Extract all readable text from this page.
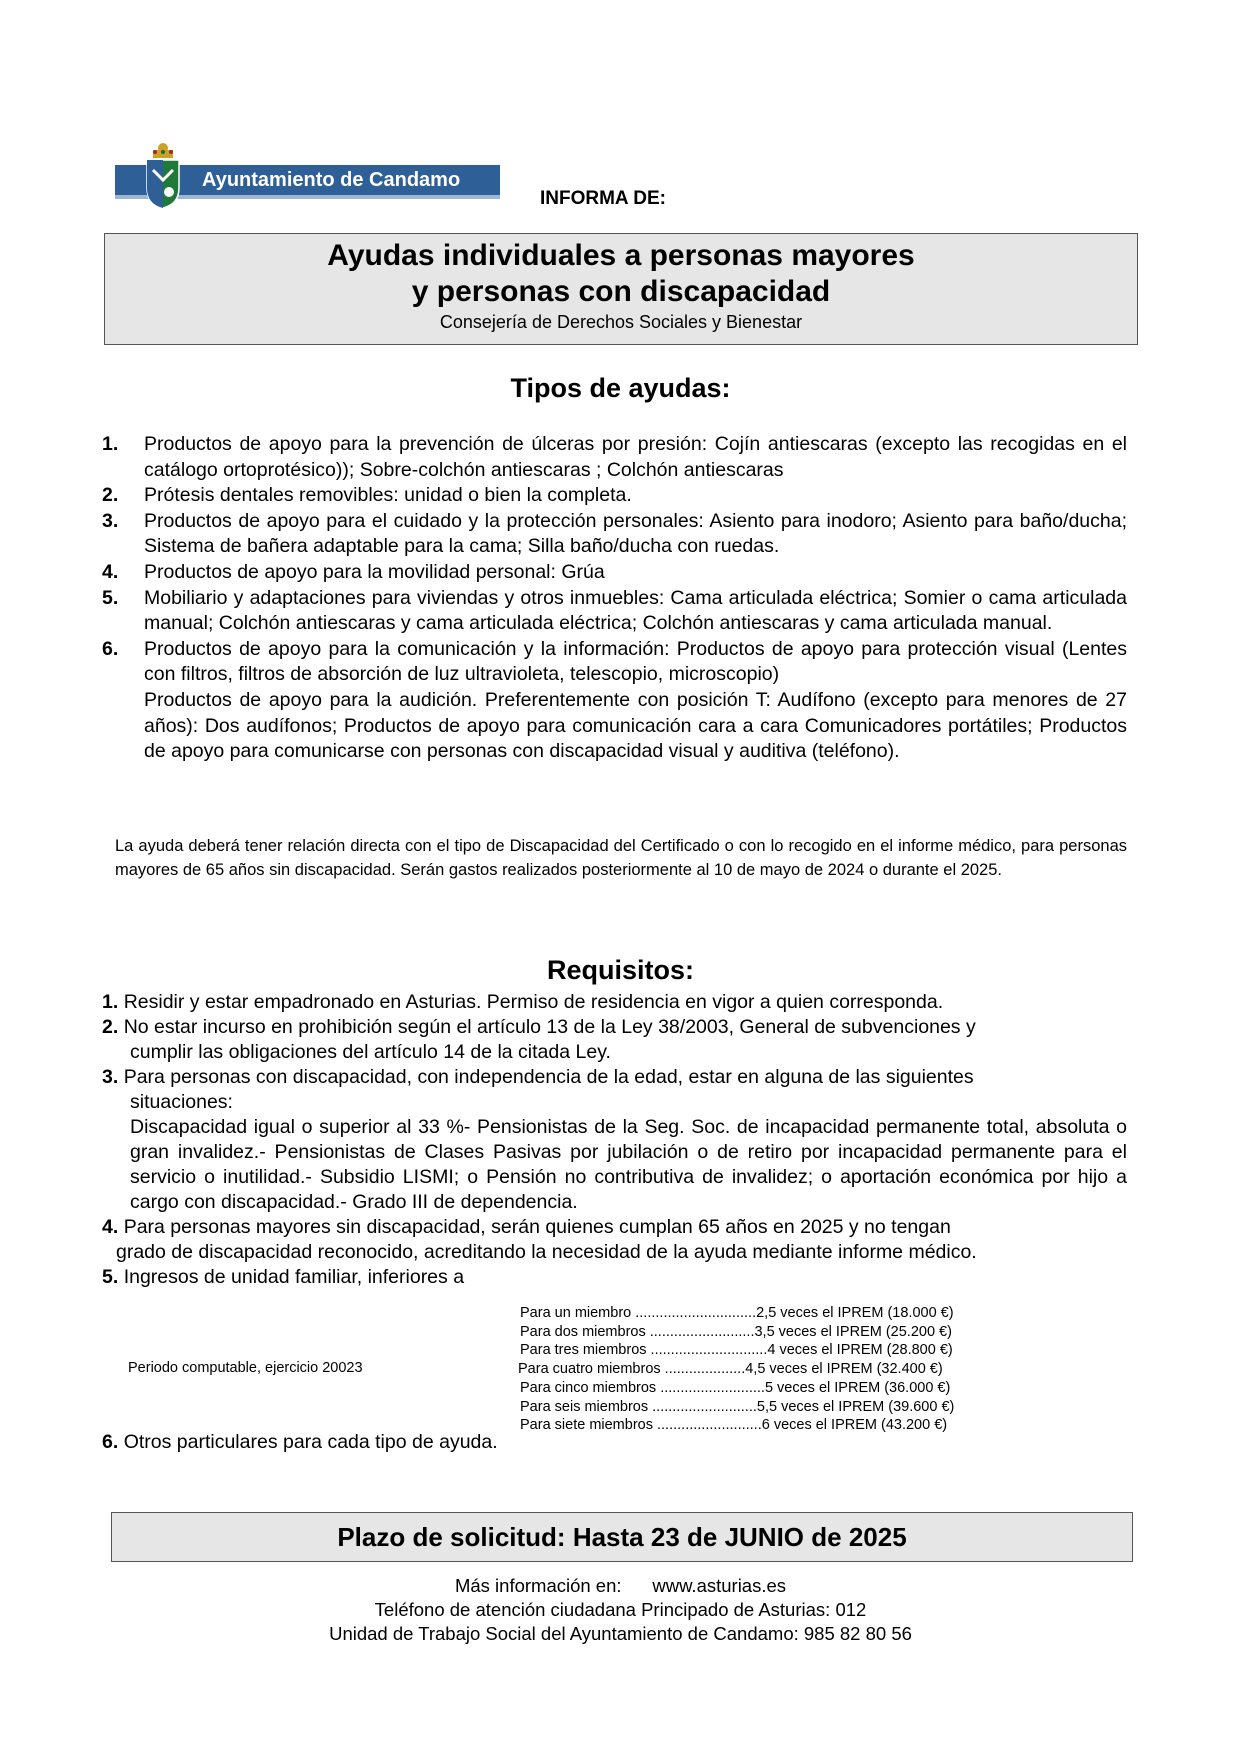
Ayuntamiento de Candamo
INFORMA DE:
Ayudas individuales a personas mayores
y personas con discapacidad
Consejería de Derechos Sociales y Bienestar
Tipos de ayudas:
1. Productos de apoyo para la prevención de úlceras por presión: Cojín antiescaras (excepto las recogidas en el catálogo ortoprotésico)); Sobre-colchón antiescaras ; Colchón antiescaras
2. Prótesis dentales removibles: unidad o bien la completa.
3. Productos de apoyo para el cuidado y la protección personales: Asiento para inodoro; Asiento para baño/ducha; Sistema de bañera adaptable para la cama; Silla baño/ducha con ruedas.
4. Productos de apoyo para la movilidad personal: Grúa
5. Mobiliario y adaptaciones para viviendas y otros inmuebles: Cama articulada eléctrica; Somier o cama articulada manual; Colchón antiescaras y cama articulada eléctrica; Colchón antiescaras y cama articulada manual.
6. Productos de apoyo para la comunicación y la información: Productos de apoyo para protección visual (Lentes con filtros, filtros de absorción de luz ultravioleta, telescopio, microscopio)
Productos de apoyo para la audición. Preferentemente con posición T: Audífono (excepto para menores de 27 años): Dos audífonos; Productos de apoyo para comunicación cara a cara Comunicadores portátiles; Productos de apoyo para comunicarse con personas con discapacidad visual y auditiva (teléfono).
La ayuda deberá tener relación directa con el tipo de Discapacidad del Certificado o con lo recogido en el informe médico, para personas mayores de 65 años sin discapacidad. Serán gastos realizados posteriormente al 10 de mayo de 2024 o durante el 2025.
Requisitos:
1. Residir y estar empadronado en Asturias. Permiso de residencia en vigor a quien corresponda.
2. No estar incurso en prohibición según el artículo 13 de la Ley 38/2003, General de subvenciones y
cumplir las obligaciones del artículo 14 de la citada Ley.
3. Para personas con discapacidad, con independencia de la edad, estar en alguna de las siguientes
situaciones:
Discapacidad igual o superior al 33 %- Pensionistas de la Seg. Soc. de incapacidad permanente total, absoluta o gran invalidez.- Pensionistas de Clases Pasivas por jubilación o de retiro por incapacidad permanente para el servicio o inutilidad.- Subsidio LISMI; o Pensión no contributiva de invalidez; o aportación económica por hijo a cargo con discapacidad.- Grado III de dependencia.
4. Para personas mayores sin discapacidad, serán quienes cumplan 65 años en 2025 y no tengan
grado de discapacidad reconocido, acreditando la necesidad de la ayuda mediante informe médico.
5. Ingresos de unidad familiar, inferiores a
Para un miembro ..............................2,5 veces el IPREM (18.000 €)
Para dos miembros ..........................3,5 veces el IPREM (25.200 €)
Para tres miembros .............................4 veces el IPREM (28.800 €)
Para cuatro miembros ....................4,5 veces el IPREM (32.400 €)
Para cinco miembros ..........................5 veces el IPREM (36.000 €)
Para seis miembros ..........................5,5 veces el IPREM (39.600 €)
Para siete miembros ..........................6 veces el IPREM (43.200 €)
Periodo computable, ejercicio 20023
6. Otros particulares para cada tipo de ayuda.
Plazo de solicitud: Hasta 23 de JUNIO de 2025
Más información en:      www.asturias.es
Teléfono de atención ciudadana Principado de Asturias: 012
Unidad de Trabajo Social del Ayuntamiento de Candamo: 985 82 80 56
